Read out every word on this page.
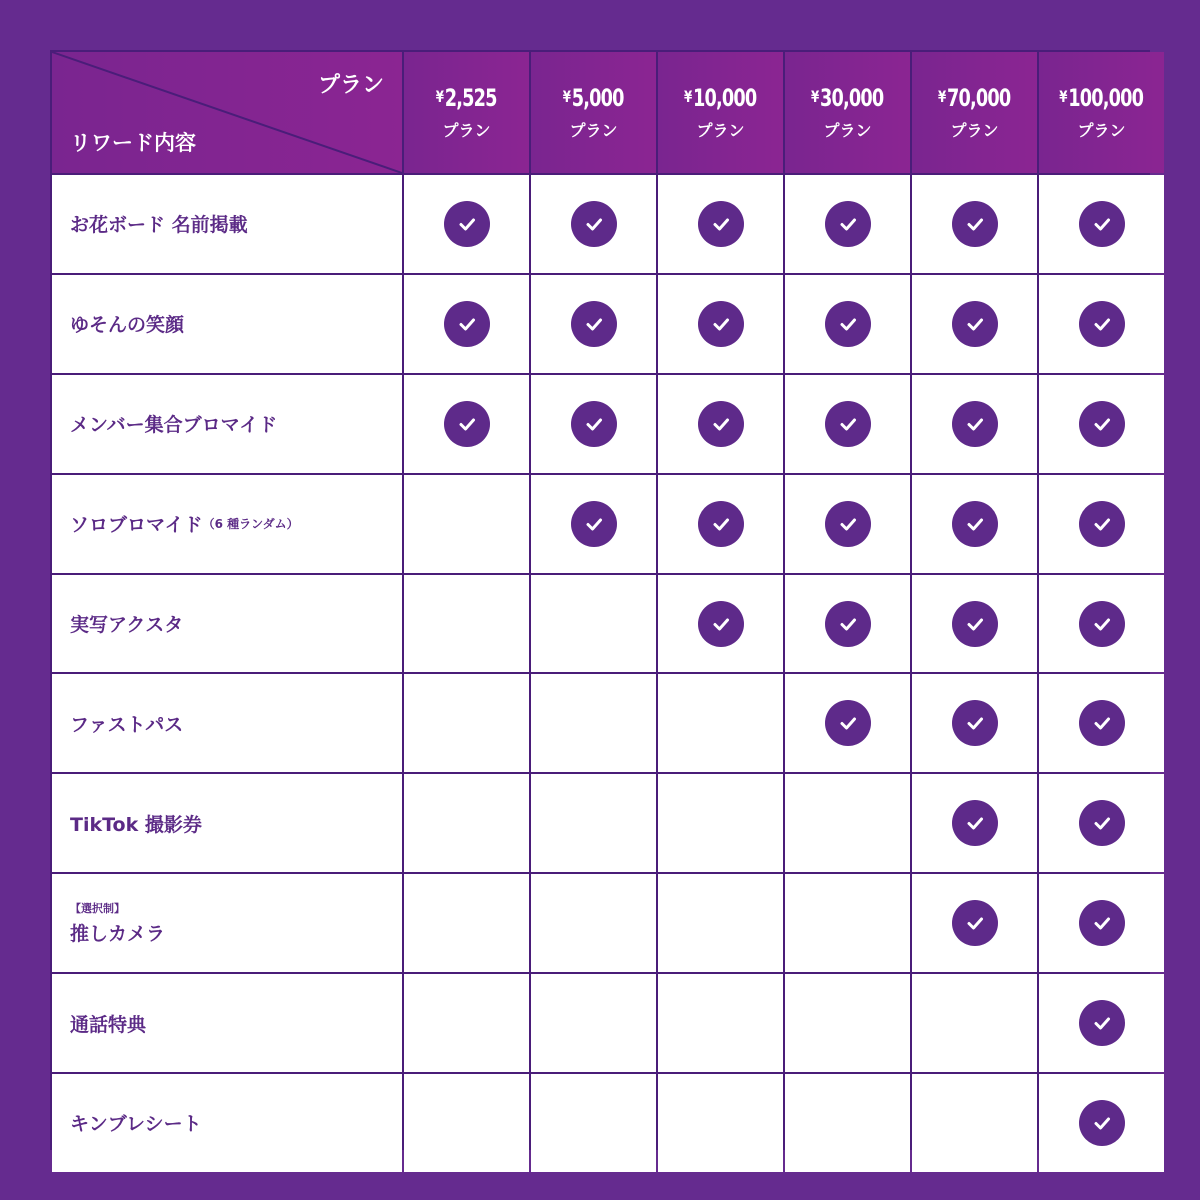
プラン
リワード内容
¥2,525
プラン
¥5,000
プラン
¥10,000
プラン
¥30,000
プラン
¥70,000
プラン
¥100,000
プラン
お花ボード 名前掲載
ゆそんの笑顔
メンバー集合ブロマイド
ソロブロマイド （6 種ランダム）
実写アクスタ
ファストパス
TikTok 撮影券
【選択制】
推しカメラ
通話特典
キンブレシート
